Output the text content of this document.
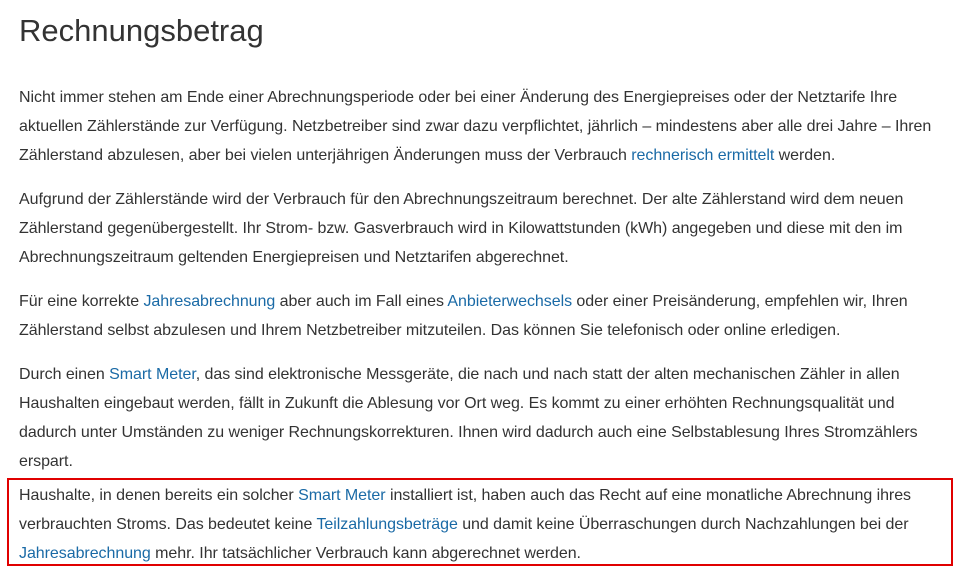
Rechnungsbetrag

Nicht immer stehen am Ende einer Abrechnungsperiode oder bei einer Änderung des Energiepreises oder der Netztarife Ihre aktuellen Zählerstände zur Verfügung. Netzbetreiber sind zwar dazu verpflichtet, jährlich – mindestens aber alle drei Jahre – Ihren Zählerstand abzulesen, aber bei vielen unterjährigen Änderungen muss der Verbrauch rechnerisch ermittelt werden.

Aufgrund der Zählerstände wird der Verbrauch für den Abrechnungszeitraum berechnet. Der alte Zählerstand wird dem neuen Zählerstand gegenübergestellt. Ihr Strom- bzw. Gasverbrauch wird in Kilowattstunden (kWh) angegeben und diese mit den im Abrechnungszeitraum geltenden Energiepreisen und Netztarifen abgerechnet.

Für eine korrekte Jahresabrechnung aber auch im Fall eines Anbieterwechsels oder einer Preisänderung, empfehlen wir, Ihren Zählerstand selbst abzulesen und Ihrem Netzbetreiber mitzuteilen. Das können Sie telefonisch oder online erledigen.

Durch einen Smart Meter, das sind elektronische Messgeräte, die nach und nach statt der alten mechanischen Zähler in allen Haushalten eingebaut werden, fällt in Zukunft die Ablesung vor Ort weg. Es kommt zu einer erhöhten Rechnungsqualität und dadurch unter Umständen zu weniger Rechnungskorrekturen. Ihnen wird dadurch auch eine Selbstablesung Ihres Stromzählers erspart.

Haushalte, in denen bereits ein solcher Smart Meter installiert ist, haben auch das Recht auf eine monatliche Abrechnung ihres verbrauchten Stroms. Das bedeutet keine Teilzahlungsbeträge und damit keine Überraschungen durch Nachzahlungen bei der Jahresabrechnung mehr. Ihr tatsächlicher Verbrauch kann abgerechnet werden.
